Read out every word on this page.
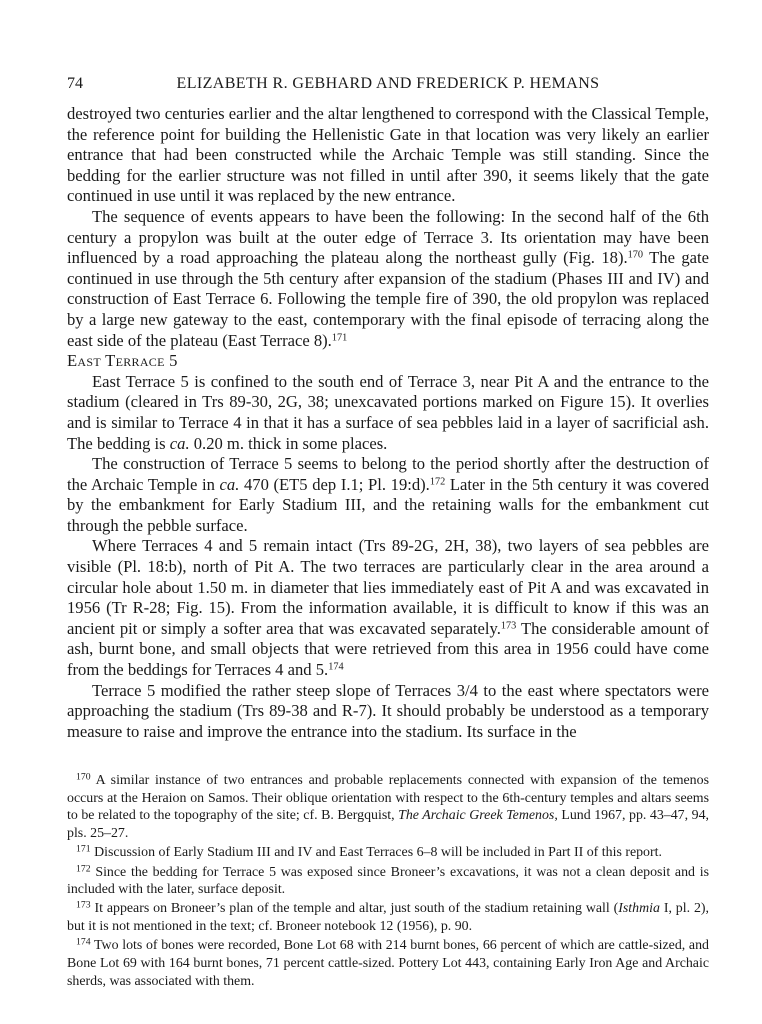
74	ELIZABETH R. GEBHARD AND FREDERICK P. HEMANS

destroyed two centuries earlier and the altar lengthened to correspond with the Classical Temple, the reference point for building the Hellenistic Gate in that location was very likely an earlier entrance that had been constructed while the Archaic Temple was still standing. Since the bedding for the earlier structure was not filled in until after 390, it seems likely that the gate continued in use until it was replaced by the new entrance.

The sequence of events appears to have been the following: In the second half of the 6th century a propylon was built at the outer edge of Terrace 3. Its orientation may have been influenced by a road approaching the plateau along the northeast gully (Fig. 18).$^{170}$ The gate continued in use through the 5th century after expansion of the stadium (Phases III and IV) and construction of East Terrace 6. Following the temple fire of 390, the old propylon was replaced by a large new gateway to the east, contemporary with the final episode of terracing along the east side of the plateau (East Terrace 8).$^{171}$

East Terrace 5

East Terrace 5 is confined to the south end of Terrace 3, near Pit A and the entrance to the stadium (cleared in Trs 89-30, 2G, 38; unexcavated portions marked on Figure 15). It overlies and is similar to Terrace 4 in that it has a surface of sea pebbles laid in a layer of sacrificial ash. The bedding is ca. 0.20 m. thick in some places.

The construction of Terrace 5 seems to belong to the period shortly after the destruction of the Archaic Temple in ca. 470 (ET5 dep I.1; Pl. 19:d).$^{172}$ Later in the 5th century it was covered by the embankment for Early Stadium III, and the retaining walls for the embankment cut through the pebble surface.

Where Terraces 4 and 5 remain intact (Trs 89-2G, 2H, 38), two layers of sea pebbles are visible (Pl. 18:b), north of Pit A. The two terraces are particularly clear in the area around a circular hole about 1.50 m. in diameter that lies immediately east of Pit A and was excavated in 1956 (Tr R-28; Fig. 15). From the information available, it is difficult to know if this was an ancient pit or simply a softer area that was excavated separately.$^{173}$ The considerable amount of ash, burnt bone, and small objects that were retrieved from this area in 1956 could have come from the beddings for Terraces 4 and 5.$^{174}$

Terrace 5 modified the rather steep slope of Terraces 3/4 to the east where spectators were approaching the stadium (Trs 89-38 and R-7). It should probably be understood as a temporary measure to raise and improve the entrance into the stadium. Its surface in the

$^{170}$ A similar instance of two entrances and probable replacements connected with expansion of the temenos occurs at the Heraion on Samos. Their oblique orientation with respect to the 6th-century temples and altars seems to be related to the topography of the site; cf. B. Bergquist, The Archaic Greek Temenos, Lund 1967, pp. 43–47, 94, pls. 25–27.

$^{171}$ Discussion of Early Stadium III and IV and East Terraces 6–8 will be included in Part II of this report.

$^{172}$ Since the bedding for Terrace 5 was exposed since Broneer’s excavations, it was not a clean deposit and is included with the later, surface deposit.

$^{173}$ It appears on Broneer’s plan of the temple and altar, just south of the stadium retaining wall (Isthmia I, pl. 2), but it is not mentioned in the text; cf. Broneer notebook 12 (1956), p. 90.

$^{174}$ Two lots of bones were recorded, Bone Lot 68 with 214 burnt bones, 66 percent of which are cattle-sized, and Bone Lot 69 with 164 burnt bones, 71 percent cattle-sized. Pottery Lot 443, containing Early Iron Age and Archaic sherds, was associated with them.
